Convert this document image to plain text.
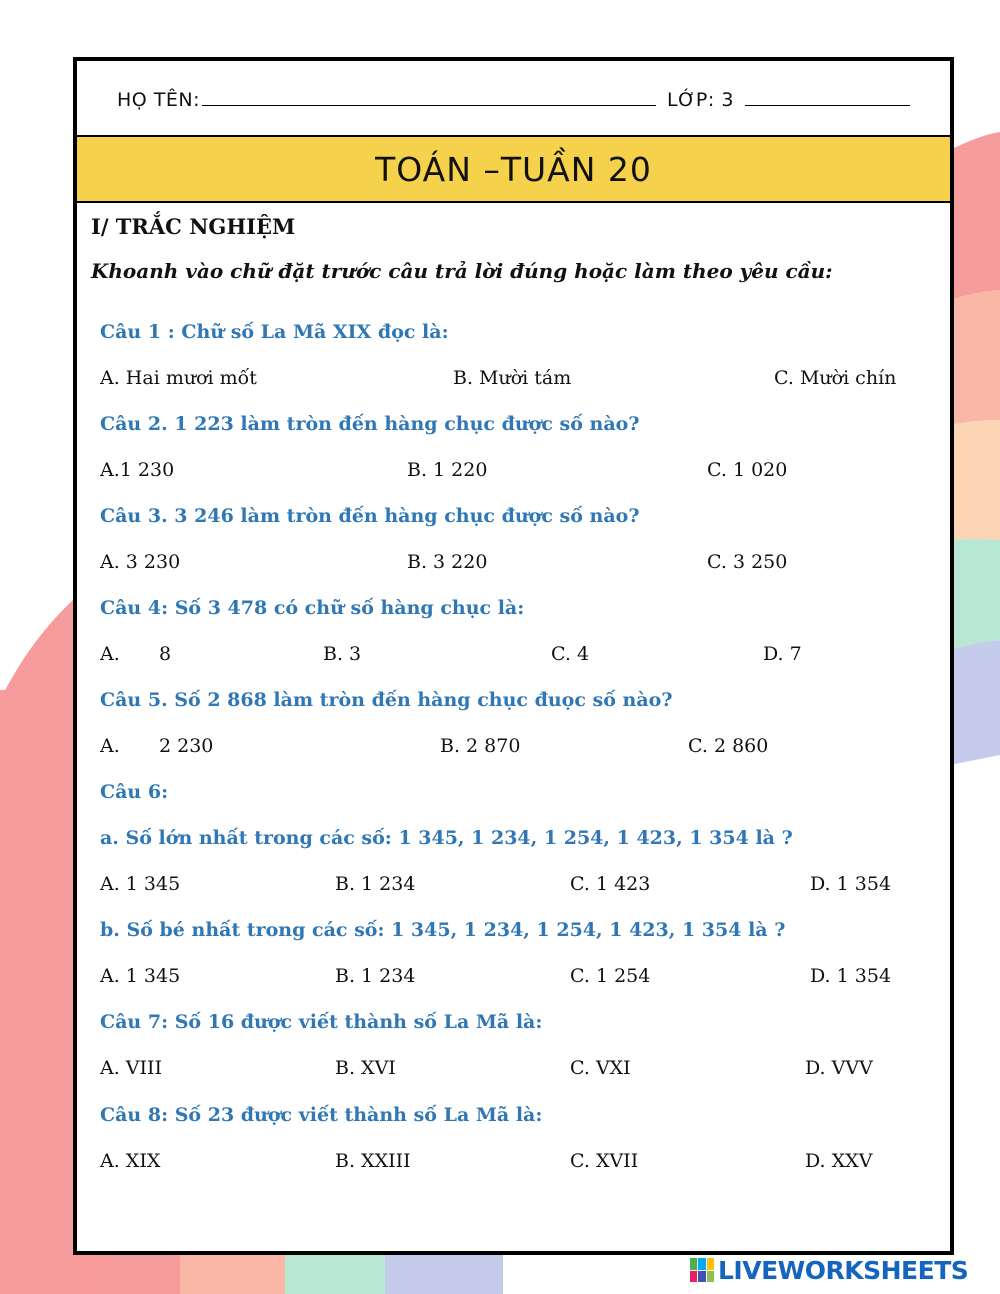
HỌ TÊN:	LỚP: 3
TOÁN –TUẦN 20
I/ TRẮC NGHIỆM
Khoanh vào chữ đặt trước câu trả lời đúng hoặc làm theo yêu cầu:
Câu 1 : Chữ số La Mã XIX đọc là:
A. Hai mươi mốt	B. Mười tám	C. Mười chín
Câu 2. 1 223 làm tròn đến hàng chục được số nào?
A.1 230	B. 1 220	C. 1 020
Câu 3. 3 246 làm tròn đến hàng chục được số nào?
A. 3 230	B. 3 220	C. 3 250
Câu 4: Số 3 478 có chữ số hàng chục là:
A. 8	B. 3	C. 4	D. 7
Câu 5. Số 2 868 làm tròn đến hàng chục đuọc số nào?
A. 2 230	B. 2 870	C. 2 860
Câu 6:
a. Số lớn nhất trong các số: 1 345, 1 234, 1 254, 1 423, 1 354 là ?
A. 1 345	B. 1 234	C. 1 423	D. 1 354
b. Số bé nhất trong các số: 1 345, 1 234, 1 254, 1 423, 1 354 là ?
A. 1 345	B. 1 234	C. 1 254	D. 1 354
Câu 7: Số 16 được viết thành số La Mã là:
A. VIII	B. XVI	C. VXI	D. VVV
Câu 8: Số 23 được viết thành số La Mã là:
A. XIX	B. XXIII	C. XVII	D. XXV
LIVEWORKSHEETS
